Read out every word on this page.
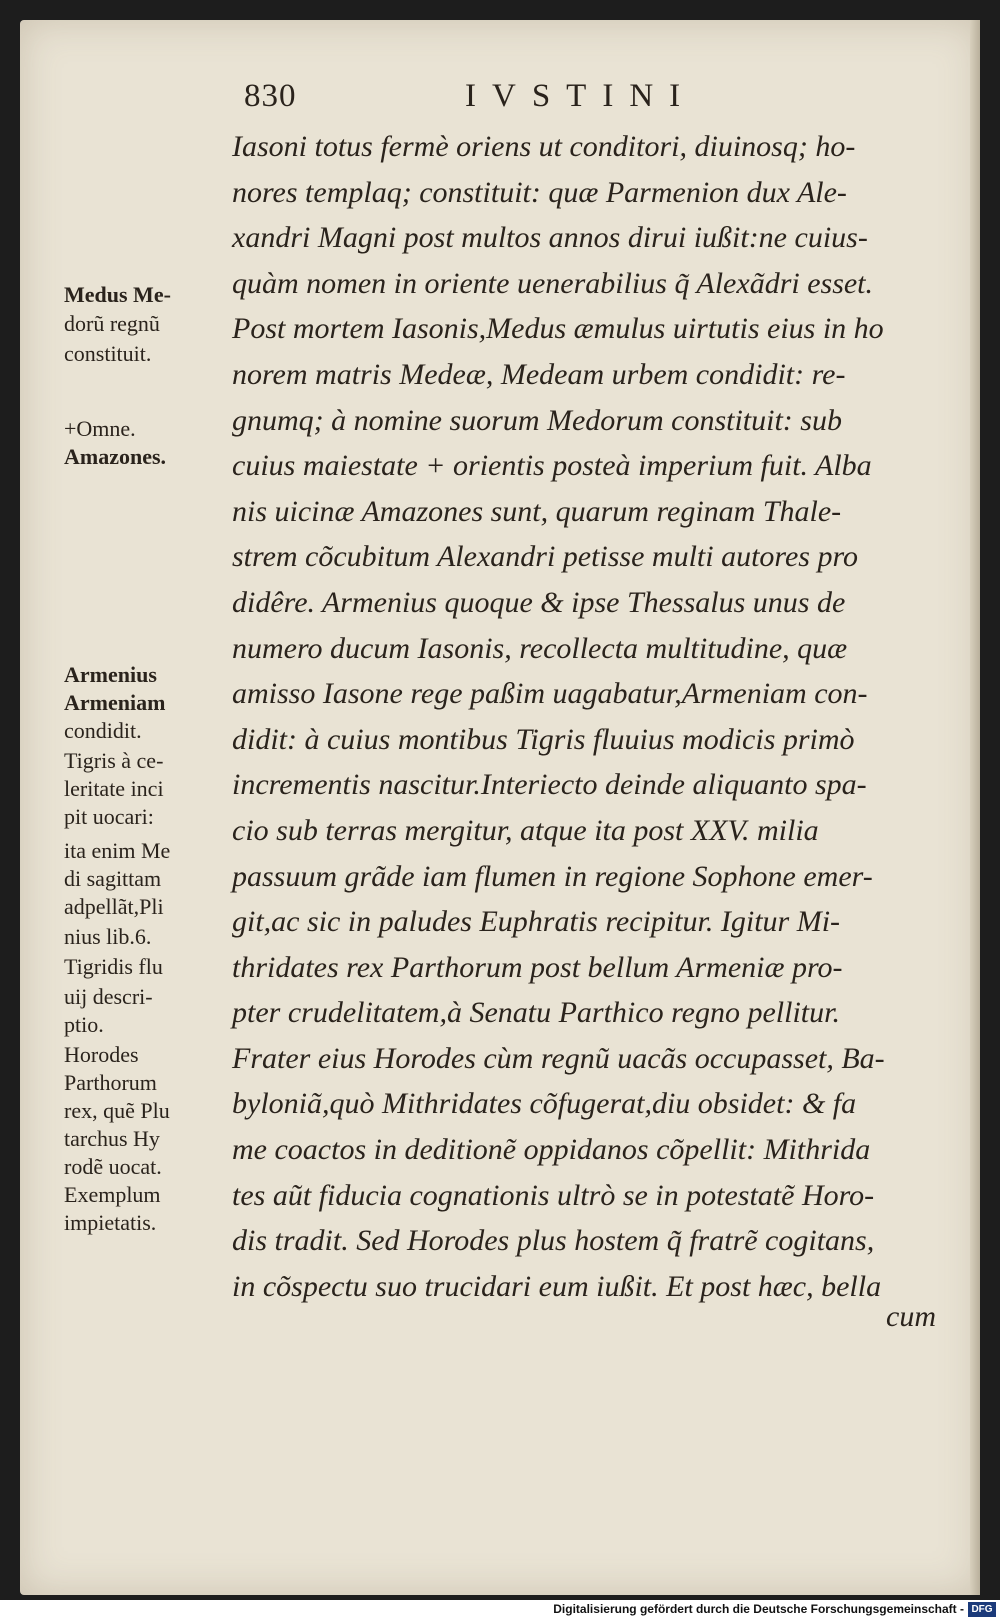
830	IVSTINI
Iasoni totus fermè oriens ut conditori, diuinosq; ho-
nores templaq; constituit: quæ Parmenion dux Ale-
xandri Magni post multos annos dirui iußit:ne cuius-
quàm nomen in oriente uenerabilius q̃ Alexãdri esset.
Post mortem Iasonis,Medus æmulus uirtutis eius in ho
norem matris Medeæ, Medeam urbem condidit: re-
gnumq; à nomine suorum Medorum constituit: sub
cuius maiestate + orientis posteà imperium fuit. Alba
nis uicinæ Amazones sunt, quarum reginam Thale-
strem cõcubitum Alexandri petisse multi autores pro
didêre. Armenius quoque & ipse Thessalus unus de
numero ducum Iasonis, recollecta multitudine, quæ
amisso Iasone rege paßim uagabatur,Armeniam con-
didit: à cuius montibus Tigris fluuius modicis primò
incrementis nascitur.Interiecto deinde aliquanto spa-
cio sub terras mergitur, atque ita post XXV. milia
passuum grãde iam flumen in regione Sophone emer-
git,ac sic in paludes Euphratis recipitur. Igitur Mi-
thridates rex Parthorum post bellum Armeniæ pro-
pter crudelitatem,à Senatu Parthico regno pellitur.
Frater eius Horodes cùm regnũ uacãs occupasset, Ba-
byloniã,quò Mithridates cõfugerat,diu obsidet: & fa
me coactos in deditionẽ oppidanos cõpellit: Mithrida
tes aũt fiducia cognationis ultrò se in potestatẽ Horo-
dis tradit. Sed Horodes plus hostem q̃ fratrẽ cogitans,
in cõspectu suo trucidari eum iußit. Et post hæc, bella
Medus Me-
dorũ regnũ
constituit.
+Omne.
Amazones.
Armenius
Armeniam
condidit.
Tigris à ce-
leritate inci
pit uocari:
ita enim Me
di sagittam
adpellãt,Pli
nius lib.6.
Tigridis flu
uij descri-
ptio.
Horodes
Parthorum
rex, quẽ Plu
tarchus Hy
rodẽ uocat.
Exemplum
impietatis.
cum
Digitalisierung gefördert durch die Deutsche Forschungsgemeinschaft - DFG
